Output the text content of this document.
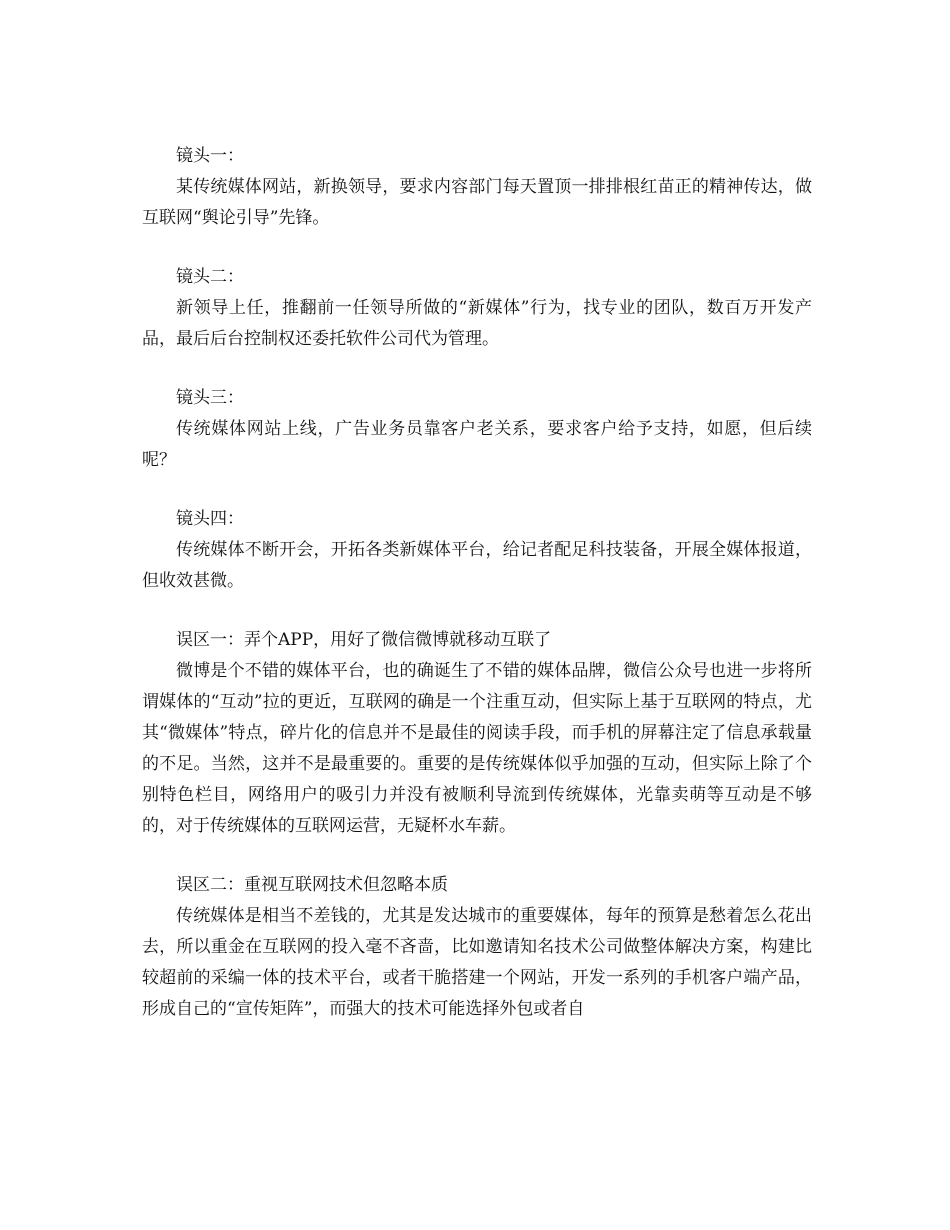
镜头一：

某传统媒体网站，新换领导，要求内容部门每天置顶一排排根红苗正的精神传达，做互联网“舆论引导”先锋。

镜头二：

新领导上任，推翻前一任领导所做的“新媒体”行为，找专业的团队，数百万开发产品，最后后台控制权还委托软件公司代为管理。

镜头三：

传统媒体网站上线，广告业务员靠客户老关系，要求客户给予支持，如愿，但后续呢？

镜头四：

传统媒体不断开会，开拓各类新媒体平台，给记者配足科技装备，开展全媒体报道，但收效甚微。

误区一：弄个APP，用好了微信微博就移动互联了

微博是个不错的媒体平台，也的确诞生了不错的媒体品牌，微信公众号也进一步将所谓媒体的“互动”拉的更近，互联网的确是一个注重互动，但实际上基于互联网的特点，尤其“微媒体”特点，碎片化的信息并不是最佳的阅读手段，而手机的屏幕注定了信息承载量的不足。当然，这并不是最重要的。重要的是传统媒体似乎加强的互动，但实际上除了个别特色栏目，网络用户的吸引力并没有被顺利导流到传统媒体，光靠卖萌等互动是不够的，对于传统媒体的互联网运营，无疑杯水车薪。

误区二：重视互联网技术但忽略本质

传统媒体是相当不差钱的，尤其是发达城市的重要媒体，每年的预算是愁着怎么花出去，所以重金在互联网的投入毫不吝啬，比如邀请知名技术公司做整体解决方案，构建比较超前的采编一体的技术平台，或者干脆搭建一个网站，开发一系列的手机客户端产品，形成自己的“宣传矩阵”，而强大的技术可能选择外包或者自
